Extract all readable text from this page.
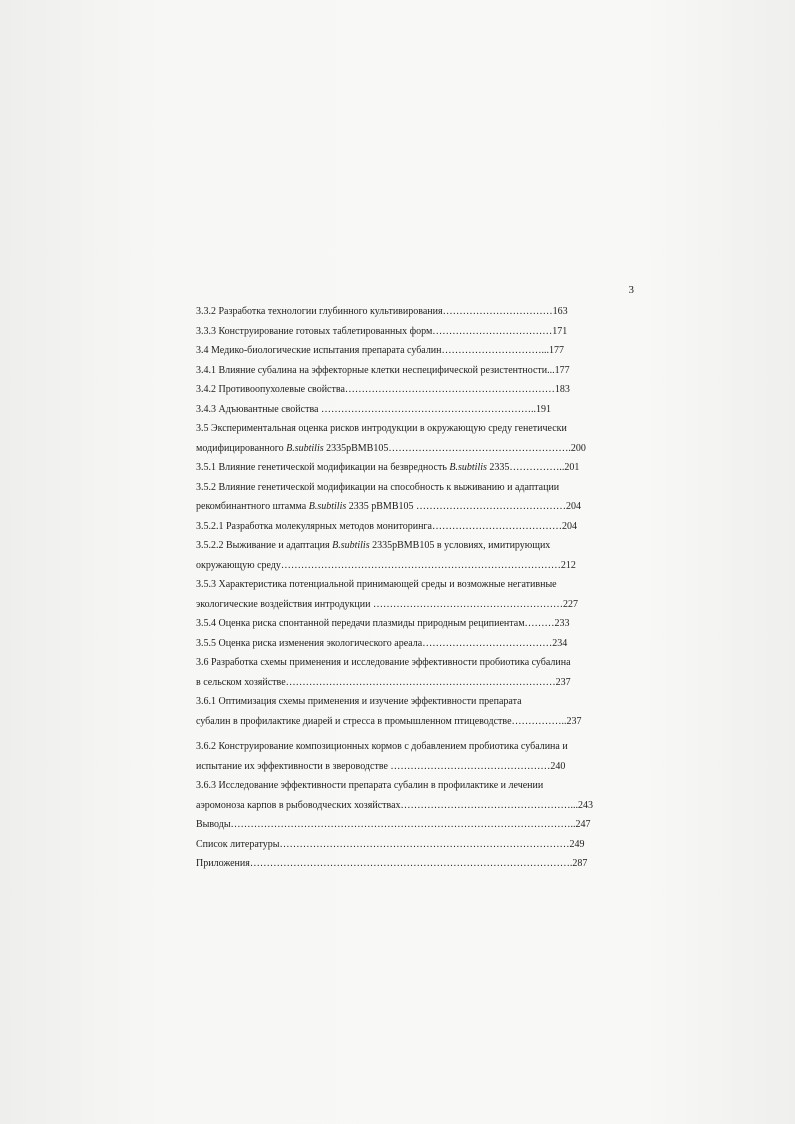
3
3.3.2 Разработка технологии глубинного культивирования……………………………163
3.3.3 Конструирование готовых таблетированных форм………………………………171
3.4 Медико-биологические испытания препарата субалин…………………………...177
3.4.1 Влияние субалина на эффекторные клетки неспецифической резистентности...177
3.4.2 Противоопухолевые свойства………………………………………………………183
3.4.3 Адъювантные свойства ………………………………………………………..191
3.5 Экспериментальная оценка рисков интродукции в окружающую среду генетически
модифицированного B.subtilis 2335pBMB105……………………………………………….200
3.5.1 Влияние генетической модификации на безвредность B.subtilis 2335……………..201
3.5.2 Влияние генетической модификации на способность к выживанию и адаптации
рекомбинантного штамма B.subtilis 2335 pBMB105 ………………………………………204
3.5.2.1 Разработка молекулярных методов мониторинга…………………………………204
3.5.2.2 Выживание и адаптация B.subtilis 2335pBMB105 в условиях, имитирующих
окружающую среду…………………………………………………………………………212
3.5.3 Характеристика потенциальной принимающей среды и возможные негативные
экологические воздействия интродукции …………………………………………………227
3.5.4 Оценка риска спонтанной передачи плазмиды природным реципиентам………233
3.5.5 Оценка риска изменения экологического ареала…………………………………234
3.6 Разработка схемы применения и исследование эффективности пробиотика субалина
в сельском хозяйстве………………………………………………………………………237
3.6.1 Оптимизация схемы применения и изучение эффективности препарата
субалин в профилактике диарей и стресса в промышленном птицеводстве……………..237
3.6.2 Конструирование композиционных кормов с добавлением пробиотика субалина и
испытание их эффективности в звероводстве …………………………………………240
3.6.3 Исследование эффективности препарата субалин в профилактике и лечении
аэромоноза карпов в рыбоводческих хозяйствах……………………………………………...243
Выводы…………………………………………………………………………………………..247
Список литературы……………………………………………………………………………249
Приложения…………………………………………………………………………………….287
